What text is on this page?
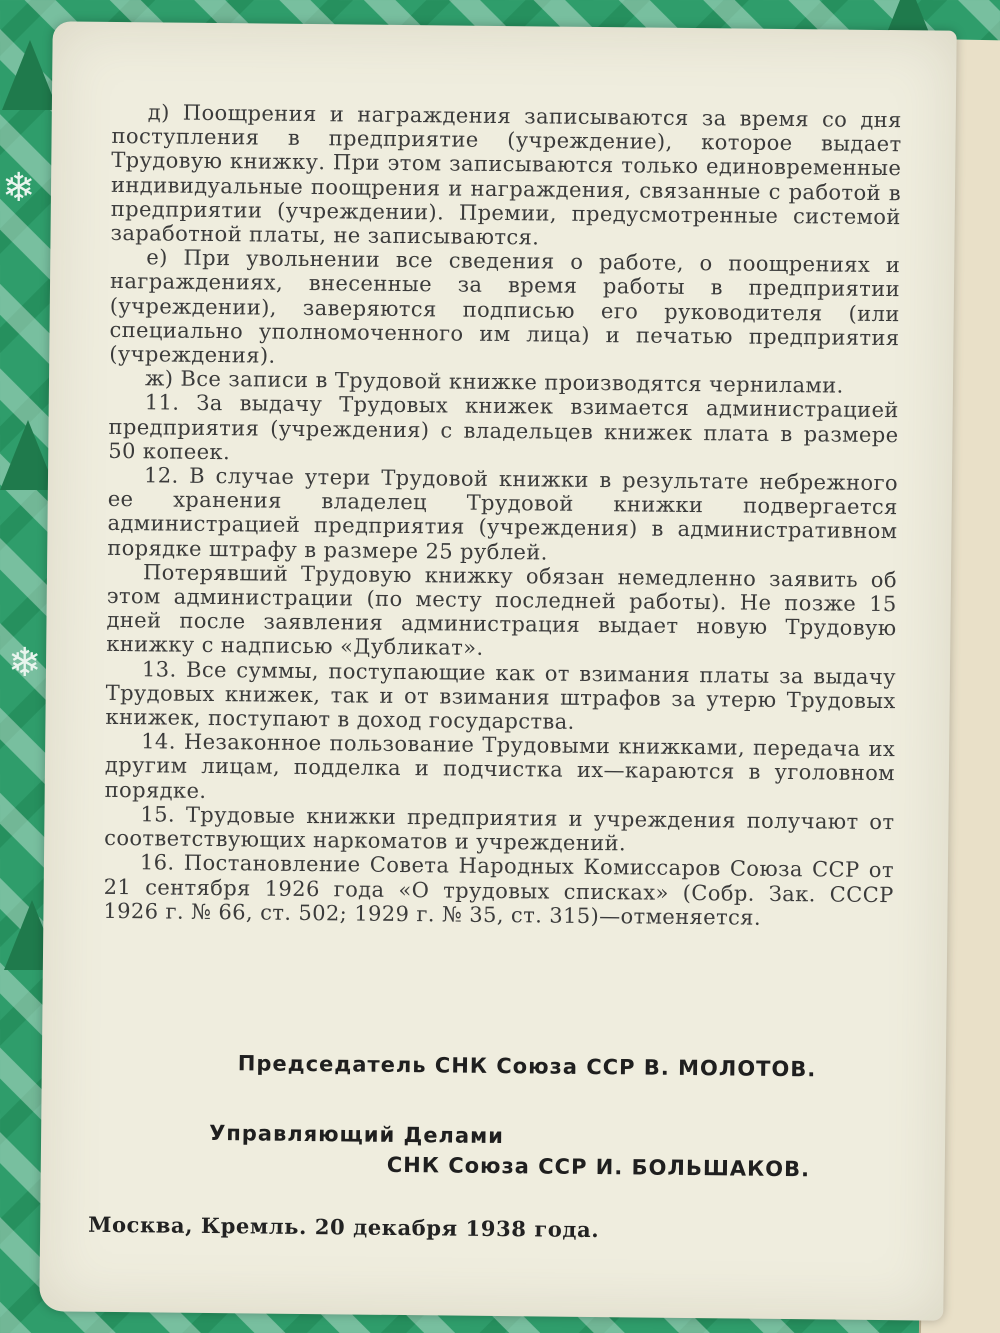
❄
❄

д) Поощрения и награждения записываются за время со дня поступления в предприятие (учреждение), которое выдает Трудовую книжку. При этом записываются только единовременные индивидуальные поощрения и награждения, связанные с работой в предприятии (учреждении). Премии, предусмотренные системой заработной платы, не записываются.

е) При увольнении все сведения о работе, о поощрениях и награждениях, внесенные за время работы в предприятии (учреждении), заверяются подписью его руководителя (или специально уполномоченного им лица) и печатью предприятия (учреждения).

ж) Все записи в Трудовой книжке производятся чернилами.

11. За выдачу Трудовых книжек взимается администрацией предприятия (учреждения) с владельцев книжек плата в размере 50 копеек.

12. В случае утери Трудовой книжки в результате небрежного ее хранения владелец Трудовой книжки подвергается администрацией предприятия (учреждения) в административном порядке штрафу в размере 25 рублей.

Потерявший Трудовую книжку обязан немедленно заявить об этом администрации (по месту последней работы). Не позже 15 дней после заявления администрация выдает новую Трудовую книжку с надписью «Дубликат».

13. Все суммы, поступающие как от взимания платы за выдачу Трудовых книжек, так и от взимания штрафов за утерю Трудовых книжек, поступают в доход государства.

14. Незаконное пользование Трудовыми книжками, передача их другим лицам, подделка и подчистка их—караются в уголовном порядке.

15. Трудовые книжки предприятия и учреждения получают от соответствующих наркоматов и учреждений.

16. Постановление Совета Народных Комиссаров Союза ССР от 21 сентября 1926 года «О трудовых списках» (Собр. Зак. СССР 1926 г. № 66, ст. 502; 1929 г. № 35, ст. 315)—отменяется.

Председатель СНК Союза ССР В. МОЛОТОВ.
Управляющий Делами
СНК Союза ССР И. БОЛЬШАКОВ.
Москва, Кремль. 20 декабря 1938 года.
